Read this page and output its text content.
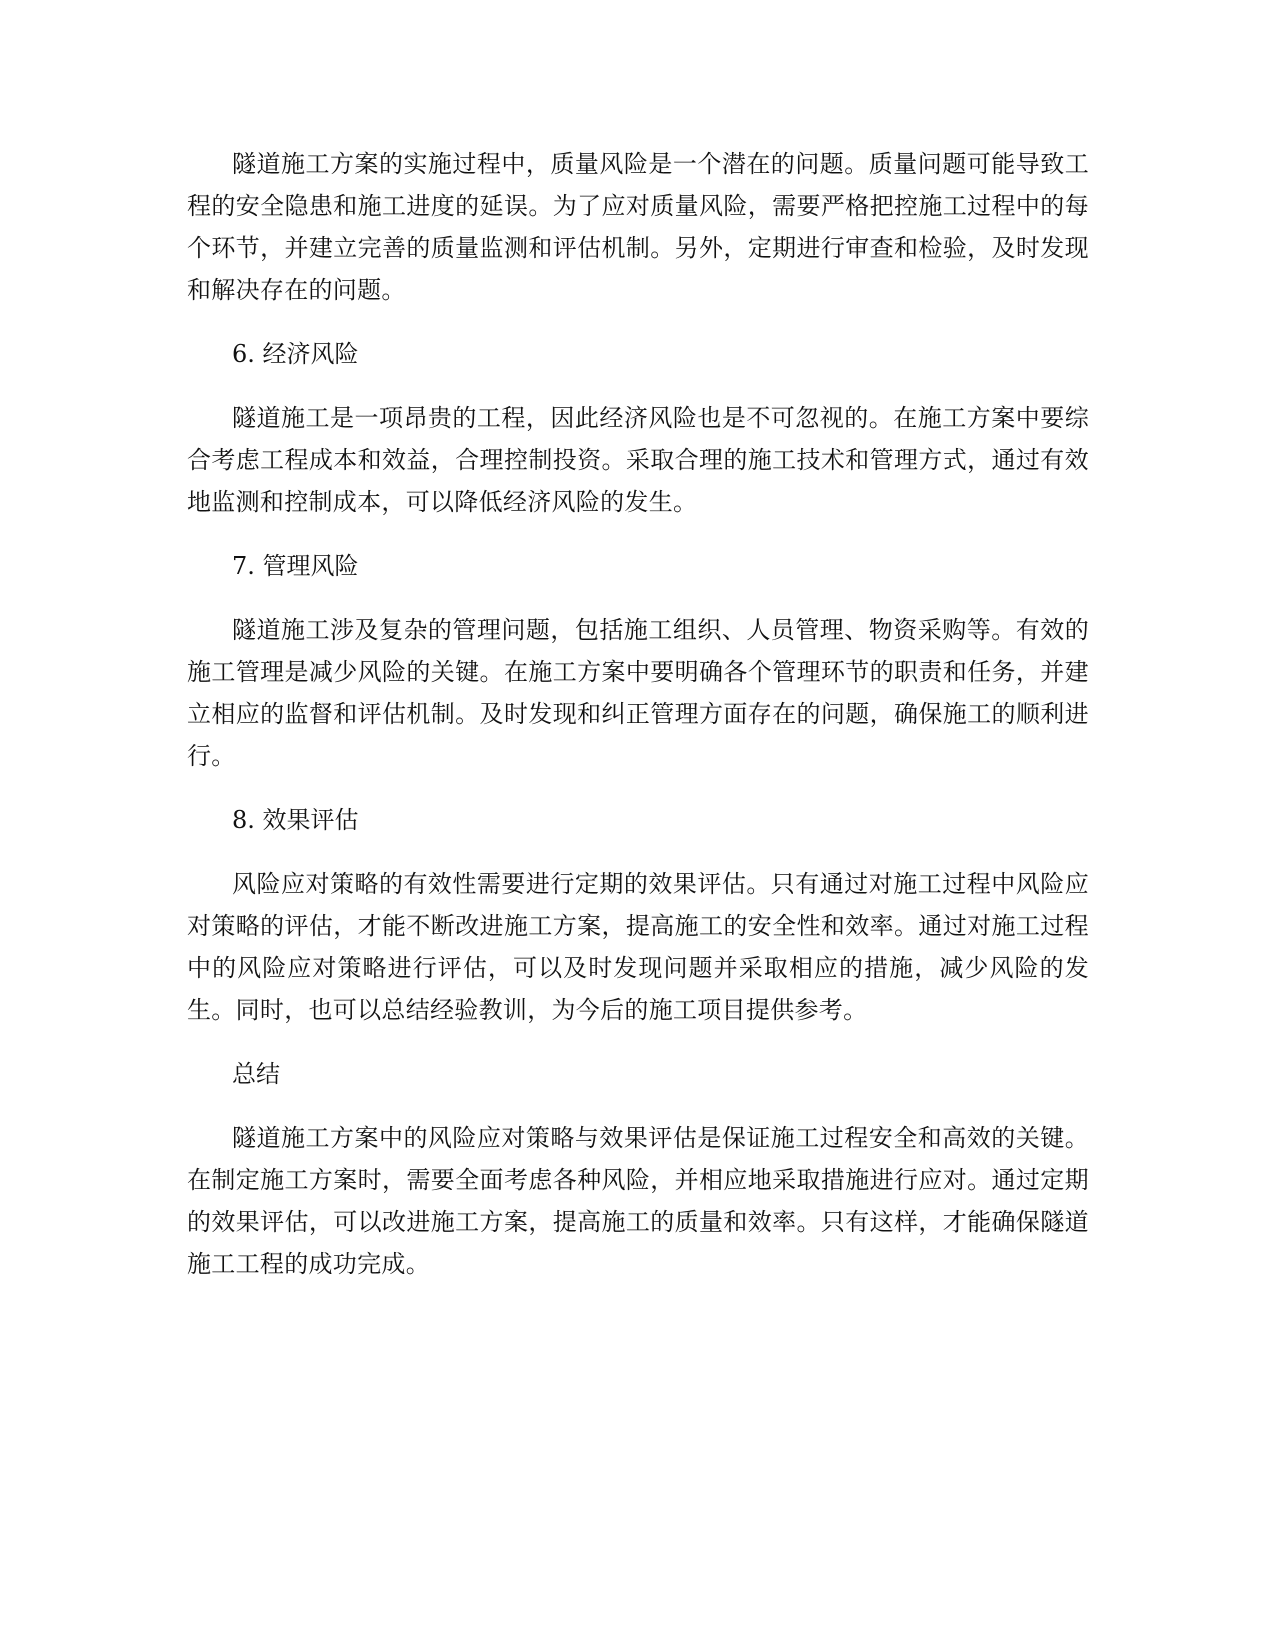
隧道施工方案的实施过程中，质量风险是一个潜在的问题。质量问题可能导致工程的安全隐患和施工进度的延误。为了应对质量风险，需要严格把控施工过程中的每个环节，并建立完善的质量监测和评估机制。另外，定期进行审查和检验，及时发现和解决存在的问题。

6. 经济风险

隧道施工是一项昂贵的工程，因此经济风险也是不可忽视的。在施工方案中要综合考虑工程成本和效益，合理控制投资。采取合理的施工技术和管理方式，通过有效地监测和控制成本，可以降低经济风险的发生。

7. 管理风险

隧道施工涉及复杂的管理问题，包括施工组织、人员管理、物资采购等。有效的施工管理是减少风险的关键。在施工方案中要明确各个管理环节的职责和任务，并建立相应的监督和评估机制。及时发现和纠正管理方面存在的问题，确保施工的顺利进行。

8. 效果评估

风险应对策略的有效性需要进行定期的效果评估。只有通过对施工过程中风险应对策略的评估，才能不断改进施工方案，提高施工的安全性和效率。通过对施工过程中的风险应对策略进行评估，可以及时发现问题并采取相应的措施，减少风险的发生。同时，也可以总结经验教训，为今后的施工项目提供参考。

总结

隧道施工方案中的风险应对策略与效果评估是保证施工过程安全和高效的关键。在制定施工方案时，需要全面考虑各种风险，并相应地采取措施进行应对。通过定期的效果评估，可以改进施工方案，提高施工的质量和效率。只有这样，才能确保隧道施工工程的成功完成。
